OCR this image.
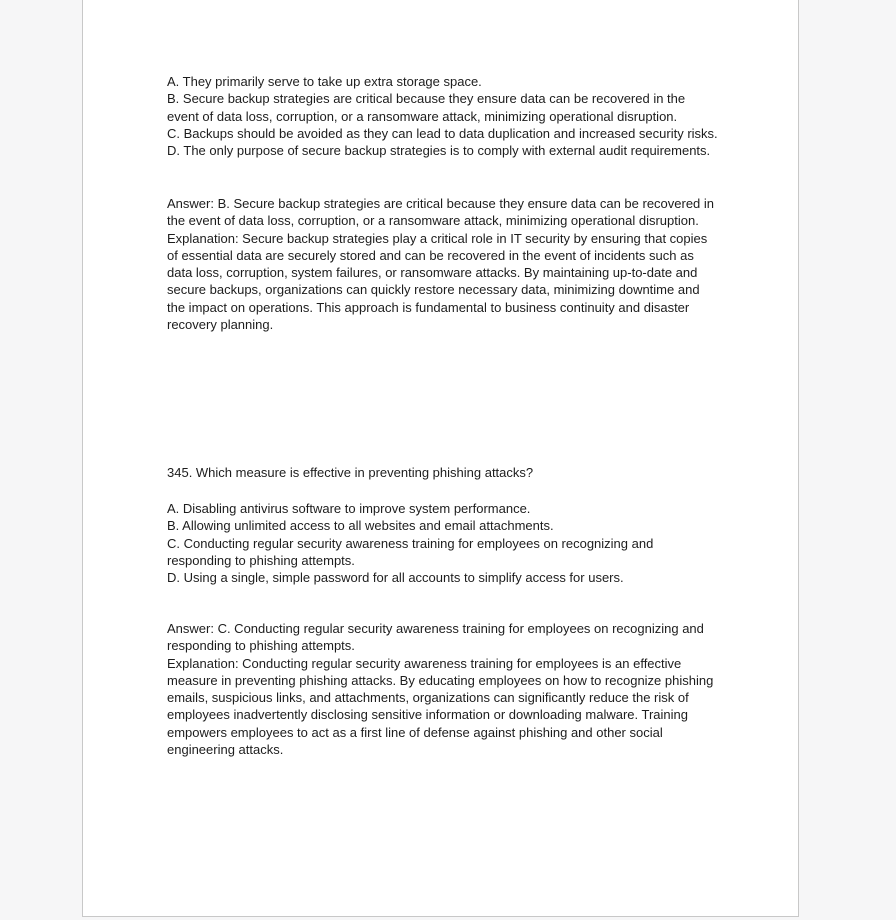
A. They primarily serve to take up extra storage space.
B. Secure backup strategies are critical because they ensure data can be recovered in the
event of data loss, corruption, or a ransomware attack, minimizing operational disruption.
C. Backups should be avoided as they can lead to data duplication and increased security risks.
D. The only purpose of secure backup strategies is to comply with external audit requirements.
Answer: B. Secure backup strategies are critical because they ensure data can be recovered in
the event of data loss, corruption, or a ransomware attack, minimizing operational disruption.
Explanation: Secure backup strategies play a critical role in IT security by ensuring that copies
of essential data are securely stored and can be recovered in the event of incidents such as
data loss, corruption, system failures, or ransomware attacks. By maintaining up-to-date and
secure backups, organizations can quickly restore necessary data, minimizing downtime and
the impact on operations. This approach is fundamental to business continuity and disaster
recovery planning.
345. Which measure is effective in preventing phishing attacks?
A. Disabling antivirus software to improve system performance.
B. Allowing unlimited access to all websites and email attachments.
C. Conducting regular security awareness training for employees on recognizing and
responding to phishing attempts.
D. Using a single, simple password for all accounts to simplify access for users.
Answer: C. Conducting regular security awareness training for employees on recognizing and
responding to phishing attempts.
Explanation: Conducting regular security awareness training for employees is an effective
measure in preventing phishing attacks. By educating employees on how to recognize phishing
emails, suspicious links, and attachments, organizations can significantly reduce the risk of
employees inadvertently disclosing sensitive information or downloading malware. Training
empowers employees to act as a first line of defense against phishing and other social
engineering attacks.
